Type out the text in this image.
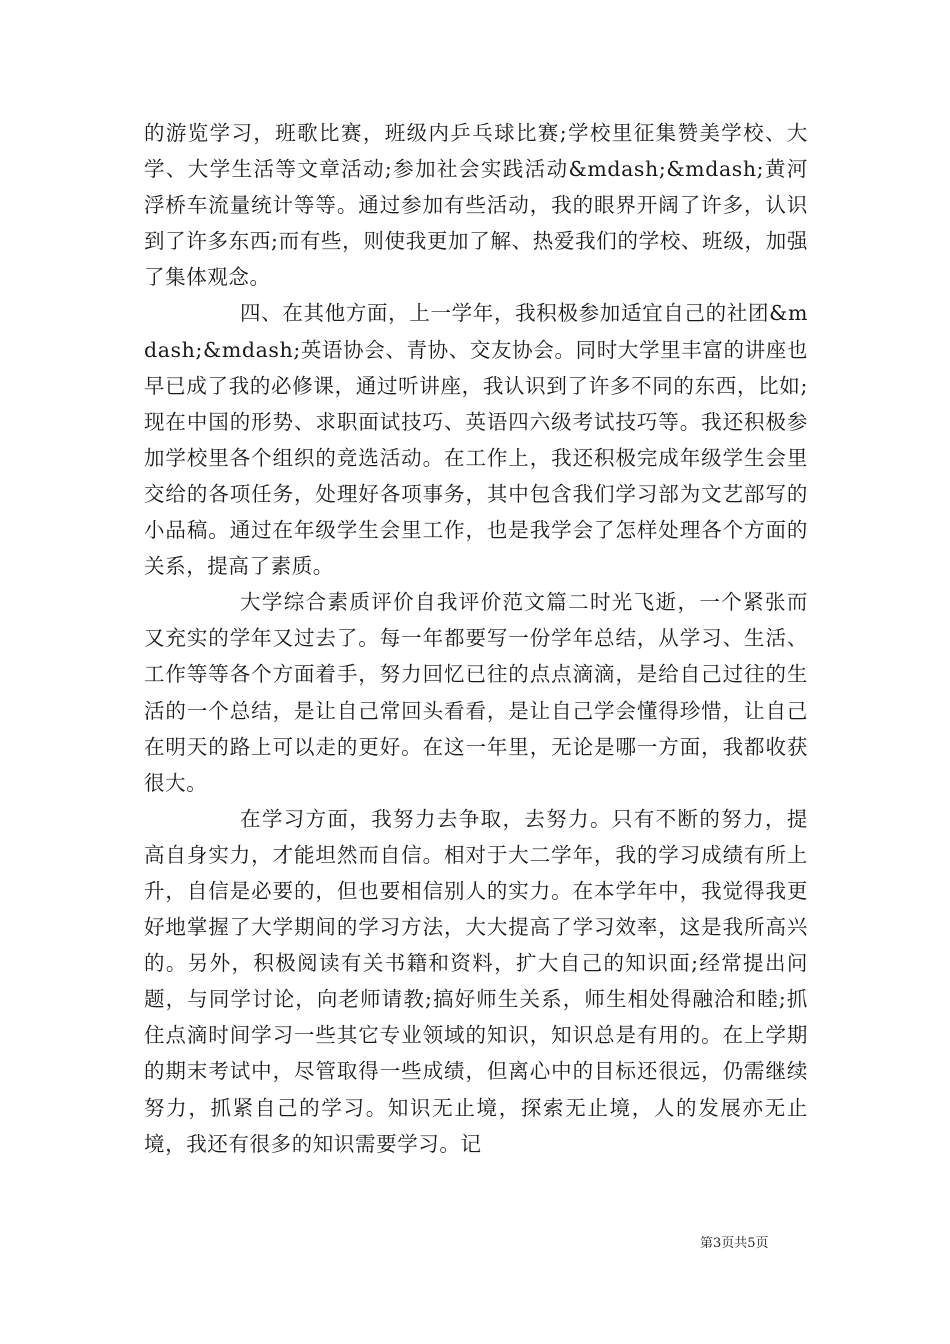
的游览学习，班歌比赛，班级内乒乓球比赛;学校里征集赞美学校、大学、大学生活等文章活动;参加社会实践活动&mdash;&mdash;黄河浮桥车流量统计等等。通过参加有些活动，我的眼界开阔了许多，认识到了许多东西;而有些，则使我更加了解、热爱我们的学校、班级，加强了集体观念。

四、在其他方面，上一学年，我积极参加适宜自己的社团&mdash;&mdash;英语协会、青协、交友协会。同时大学里丰富的讲座也早已成了我的必修课，通过听讲座，我认识到了许多不同的东西，比如;现在中国的形势、求职面试技巧、英语四六级考试技巧等。我还积极参加学校里各个组织的竞选活动。在工作上，我还积极完成年级学生会里交给的各项任务，处理好各项事务，其中包含我们学习部为文艺部写的小品稿。通过在年级学生会里工作，也是我学会了怎样处理各个方面的关系，提高了素质。

大学综合素质评价自我评价范文篇二时光飞逝，一个紧张而又充实的学年又过去了。每一年都要写一份学年总结，从学习、生活、工作等等各个方面着手，努力回忆已往的点点滴滴，是给自己过往的生活的一个总结，是让自己常回头看看，是让自己学会懂得珍惜，让自己在明天的路上可以走的更好。在这一年里，无论是哪一方面，我都收获很大。

在学习方面，我努力去争取，去努力。只有不断的努力，提高自身实力，才能坦然而自信。相对于大二学年，我的学习成绩有所上升，自信是必要的，但也要相信别人的实力。在本学年中，我觉得我更好地掌握了大学期间的学习方法，大大提高了学习效率，这是我所高兴的。另外，积极阅读有关书籍和资料，扩大自己的知识面;经常提出问题，与同学讨论，向老师请教;搞好师生关系，师生相处得融洽和睦;抓住点滴时间学习一些其它专业领域的知识，知识总是有用的。在上学期的期末考试中，尽管取得一些成绩，但离心中的目标还很远，仍需继续努力，抓紧自己的学习。知识无止境，探索无止境，人的发展亦无止境，我还有很多的知识需要学习。记

第3页共5页
